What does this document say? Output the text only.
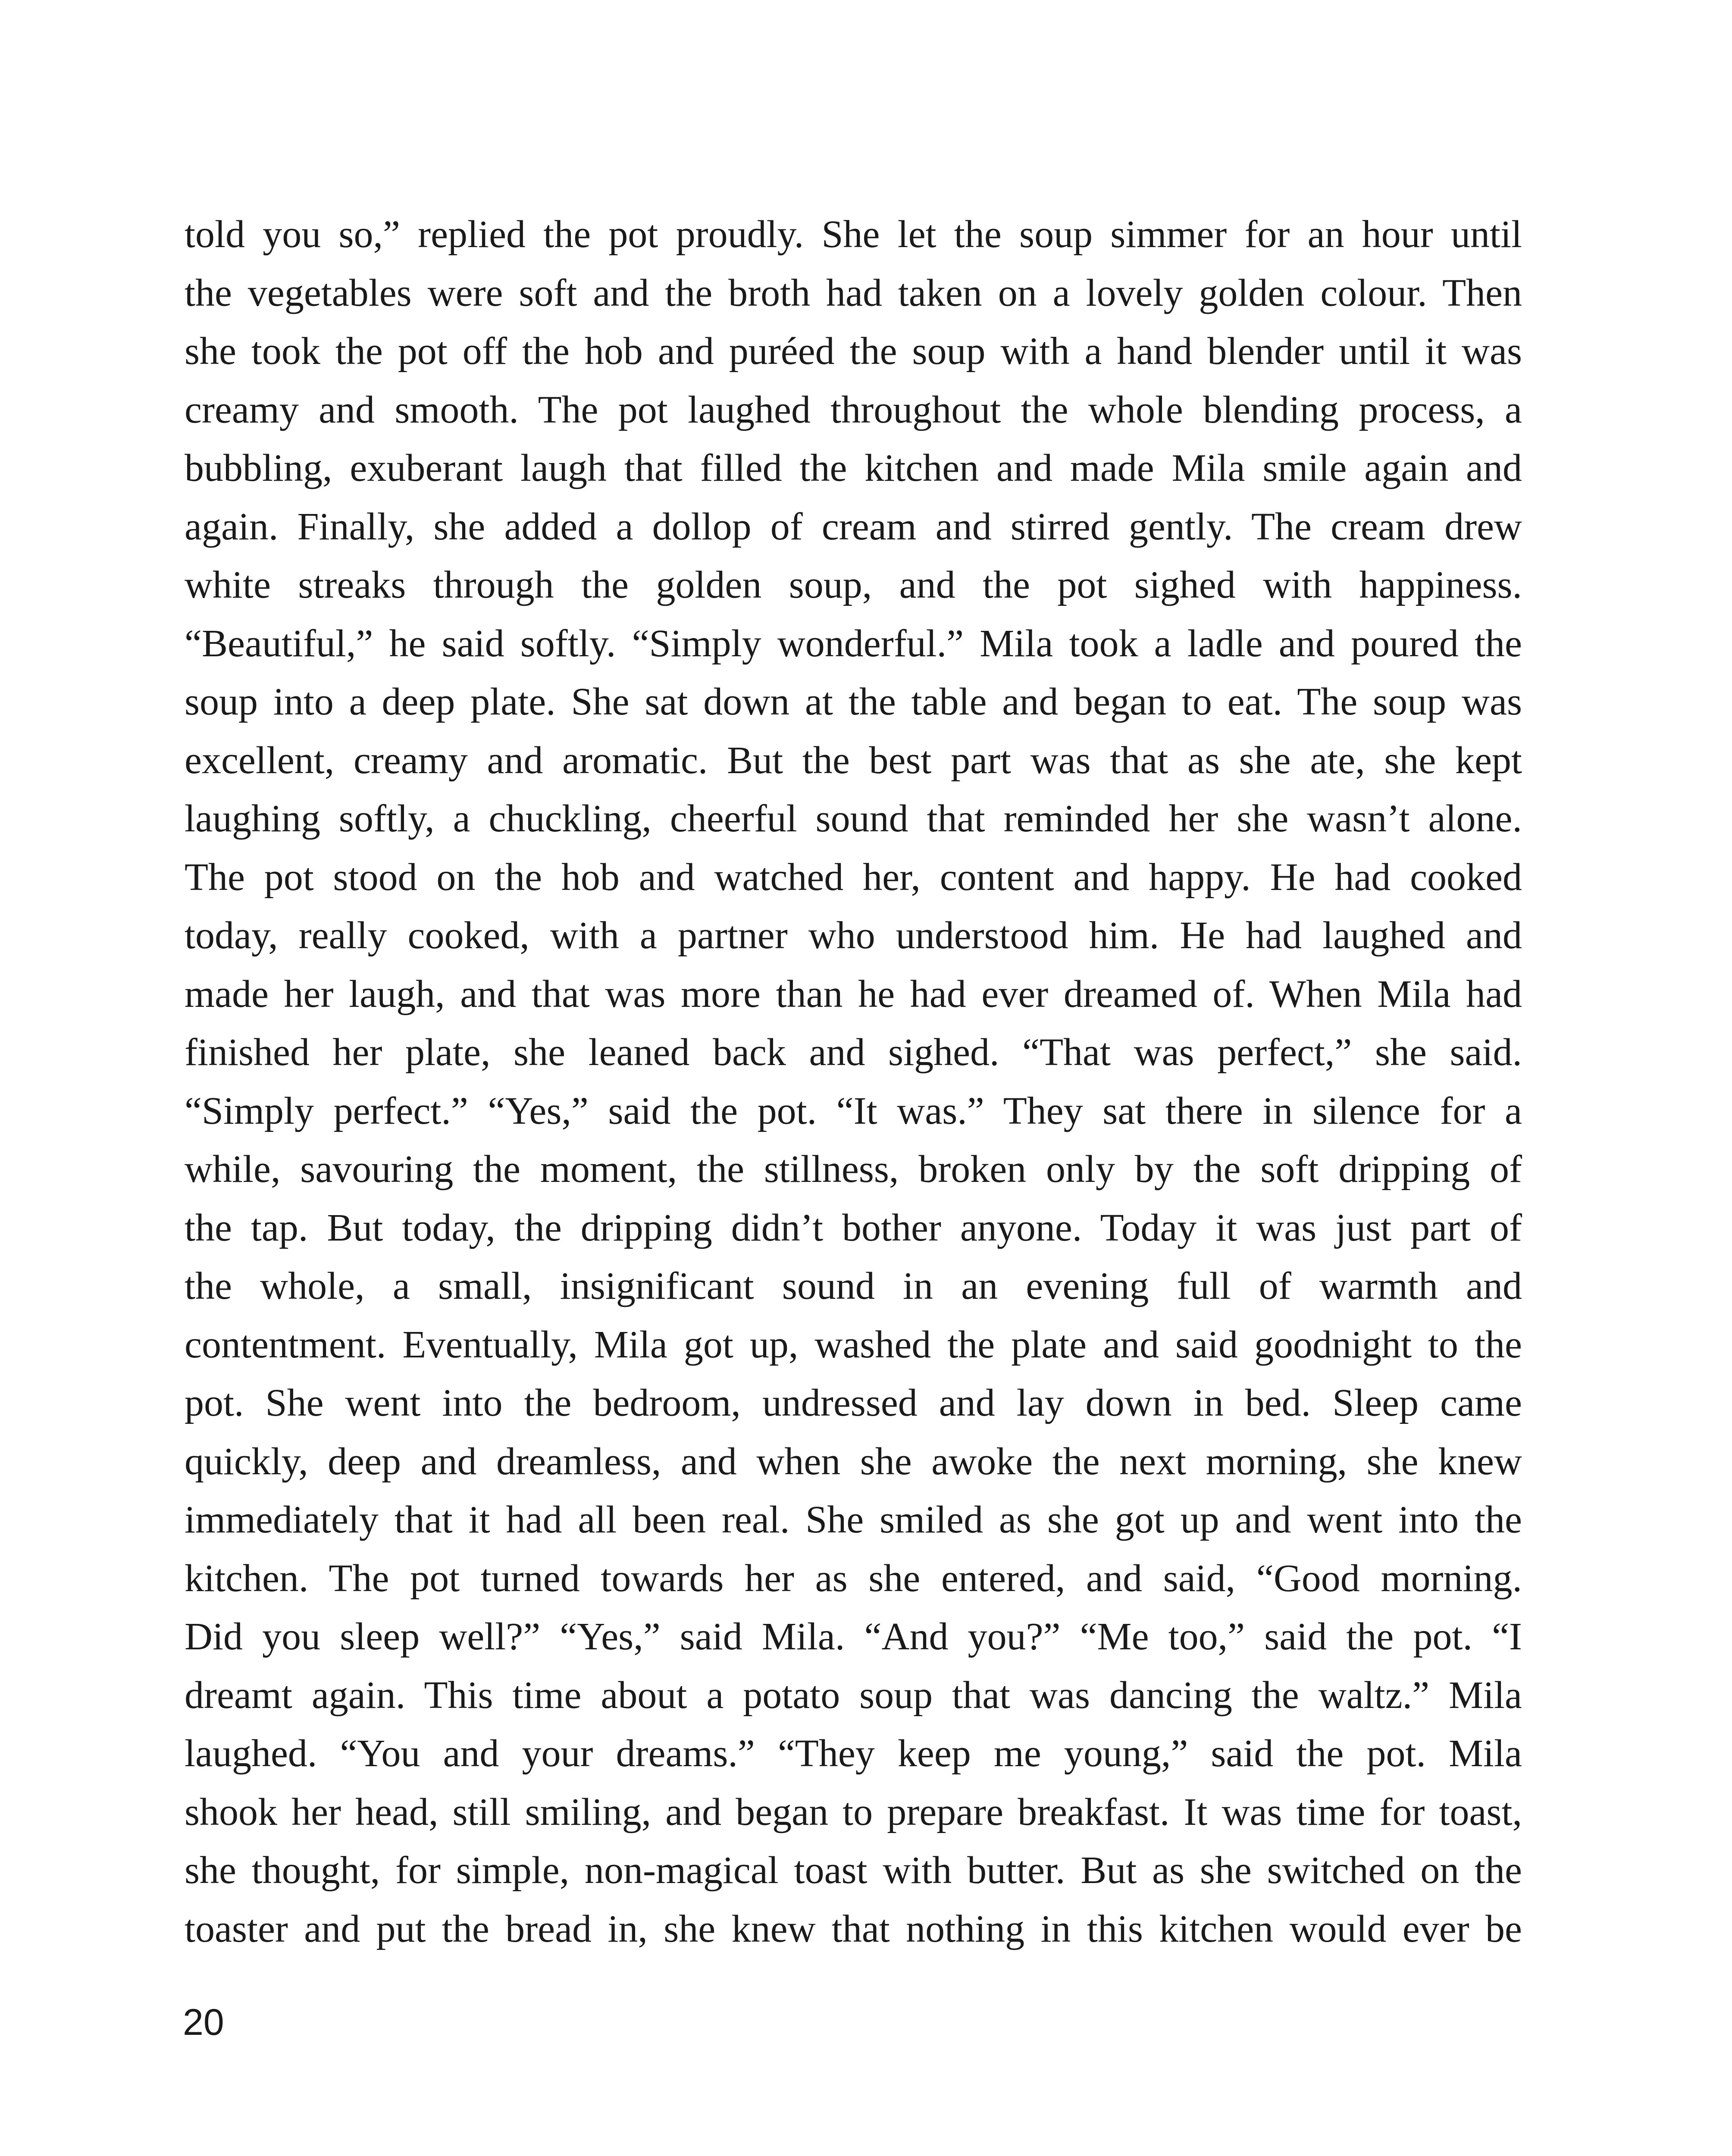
told you so,” replied the pot proudly. She let the soup simmer for an hour until
the vegetables were soft and the broth had taken on a lovely golden colour. Then
she took the pot off the hob and puréed the soup with a hand blender until it was
creamy and smooth. The pot laughed throughout the whole blending process, a
bubbling, exuberant laugh that filled the kitchen and made Mila smile again and
again. Finally, she added a dollop of cream and stirred gently. The cream drew
white streaks through the golden soup, and the pot sighed with happiness.
“Beautiful,” he said softly. “Simply wonderful.” Mila took a ladle and poured the
soup into a deep plate. She sat down at the table and began to eat. The soup was
excellent, creamy and aromatic. But the best part was that as she ate, she kept
laughing softly, a chuckling, cheerful sound that reminded her she wasn’t alone.
The pot stood on the hob and watched her, content and happy. He had cooked
today, really cooked, with a partner who understood him. He had laughed and
made her laugh, and that was more than he had ever dreamed of. When Mila had
finished her plate, she leaned back and sighed. “That was perfect,” she said.
“Simply perfect.” “Yes,” said the pot. “It was.” They sat there in silence for a
while, savouring the moment, the stillness, broken only by the soft dripping of
the tap. But today, the dripping didn’t bother anyone. Today it was just part of
the whole, a small, insignificant sound in an evening full of warmth and
contentment. Eventually, Mila got up, washed the plate and said goodnight to the
pot. She went into the bedroom, undressed and lay down in bed. Sleep came
quickly, deep and dreamless, and when she awoke the next morning, she knew
immediately that it had all been real. She smiled as she got up and went into the
kitchen. The pot turned towards her as she entered, and said, “Good morning.
Did you sleep well?” “Yes,” said Mila. “And you?” “Me too,” said the pot. “I
dreamt again. This time about a potato soup that was dancing the waltz.” Mila
laughed. “You and your dreams.” “They keep me young,” said the pot. Mila
shook her head, still smiling, and began to prepare breakfast. It was time for toast,
she thought, for simple, non-magical toast with butter. But as she switched on the
toaster and put the bread in, she knew that nothing in this kitchen would ever be
20
